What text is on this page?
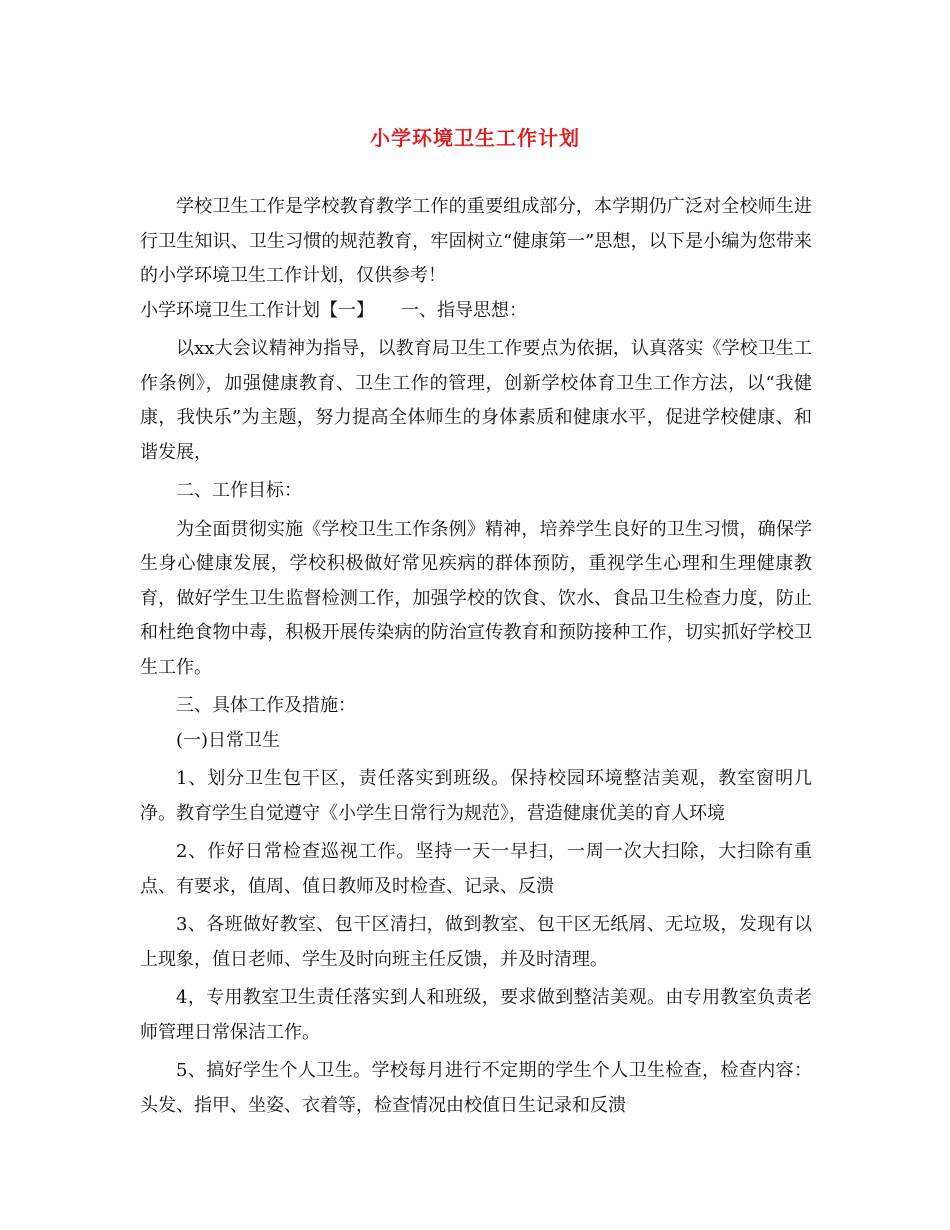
小学环境卫生工作计划

学校卫生工作是学校教育教学工作的重要组成部分，本学期仍广泛对全校师生进行卫生知识、卫生习惯的规范教育，牢固树立“健康第一”思想，以下是小编为您带来的小学环境卫生工作计划，仅供参考！

小学环境卫生工作计划【一】　　一、指导思想：

以xx大会议精神为指导，以教育局卫生工作要点为依据，认真落实《学校卫生工作条例》，加强健康教育、卫生工作的管理，创新学校体育卫生工作方法，以“我健康，我快乐”为主题，努力提高全体师生的身体素质和健康水平，促进学校健康、和谐发展，

二、工作目标：

为全面贯彻实施《学校卫生工作条例》精神，培养学生良好的卫生习惯，确保学生身心健康发展，学校积极做好常见疾病的群体预防，重视学生心理和生理健康教育，做好学生卫生监督检测工作，加强学校的饮食、饮水、食品卫生检查力度，防止和杜绝食物中毒，积极开展传染病的防治宣传教育和预防接种工作，切实抓好学校卫生工作。

三、具体工作及措施：

(一)日常卫生

1、划分卫生包干区，责任落实到班级。保持校园环境整洁美观，教室窗明几净。教育学生自觉遵守《小学生日常行为规范》，营造健康优美的育人环境

2、作好日常检查巡视工作。坚持一天一早扫，一周一次大扫除，大扫除有重点、有要求，值周、值日教师及时检查、记录、反溃

3、各班做好教室、包干区清扫，做到教室、包干区无纸屑、无垃圾，发现有以上现象，值日老师、学生及时向班主任反馈，并及时清理。

4，专用教室卫生责任落实到人和班级，要求做到整洁美观。由专用教室负责老师管理日常保洁工作。

5、搞好学生个人卫生。学校每月进行不定期的学生个人卫生检查，检查内容：头发、指甲、坐姿、衣着等，检查情况由校值日生记录和反溃
